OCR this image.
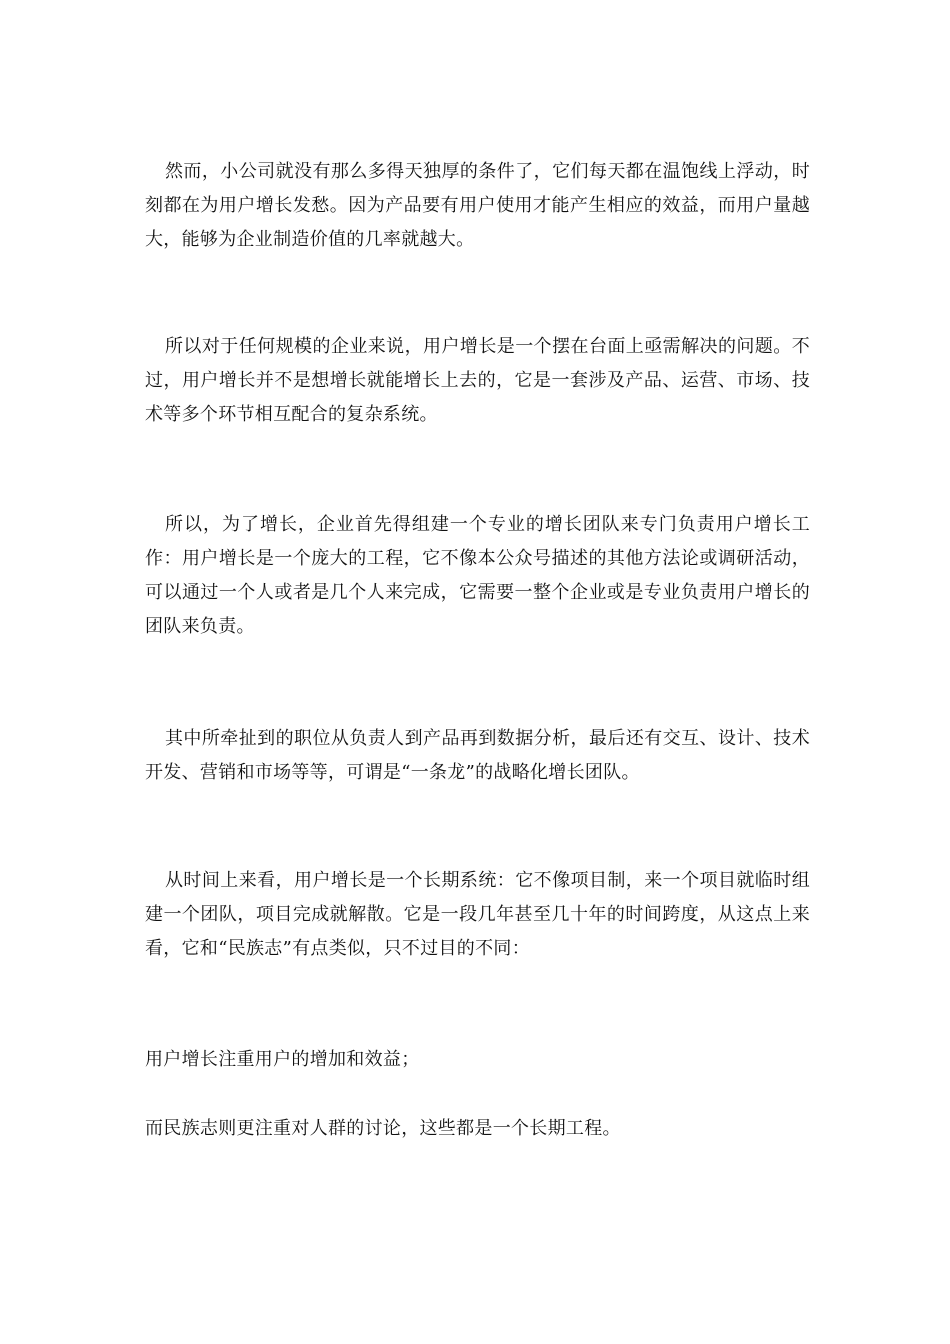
然而，小公司就没有那么多得天独厚的条件了，它们每天都在温饱线上浮动，时刻都在为用户增长发愁。因为产品要有用户使用才能产生相应的效益，而用户量越大，能够为企业制造价值的几率就越大。

所以对于任何规模的企业来说，用户增长是一个摆在台面上亟需解决的问题。不过，用户增长并不是想增长就能增长上去的，它是一套涉及产品、运营、市场、技术等多个环节相互配合的复杂系统。

所以，为了增长，企业首先得组建一个专业的增长团队来专门负责用户增长工作：用户增长是一个庞大的工程，它不像本公众号描述的其他方法论或调研活动，可以通过一个人或者是几个人来完成，它需要一整个企业或是专业负责用户增长的团队来负责。

其中所牵扯到的职位从负责人到产品再到数据分析，最后还有交互、设计、技术开发、营销和市场等等，可谓是“一条龙”的战略化增长团队。

从时间上来看，用户增长是一个长期系统：它不像项目制，来一个项目就临时组建一个团队，项目完成就解散。它是一段几年甚至几十年的时间跨度，从这点上来看，它和“民族志”有点类似，只不过目的不同：

用户增长注重用户的增加和效益；

而民族志则更注重对人群的讨论，这些都是一个长期工程。
